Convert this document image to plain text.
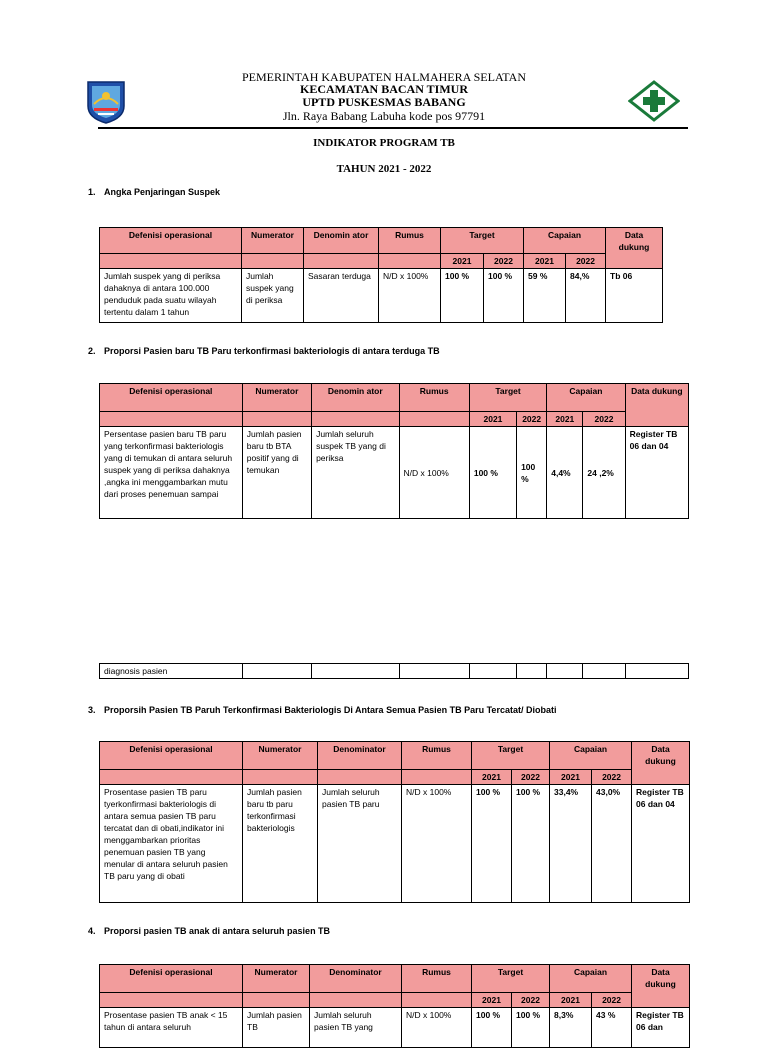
PEMERINTAH KABUPATEN HALMAHERA SELATAN
KECAMATAN BACAN TIMUR
UPTD PUSKESMAS BABANG
Jln. Raya Babang Labuha kode pos 97791
INDIKATOR PROGRAM TB
TAHUN 2021 - 2022
1. Angka Penjaringan Suspek
Defenisi operasional	Numerator	Denomin ator	Rumus	Target		Capaian		Data dukung
				2021	2022	2021	2022	
Jumlah suspek yang di periksa dahaknya di antara 100.000 penduduk pada suatu wilayah tertentu dalam 1 tahun	Jumlah suspek yang di periksa	Sasaran terduga	N/D x 100%	100 %	100 %	59 %	84,%	Tb 06
2. Proporsi Pasien baru TB Paru terkonfirmasi bakteriologis di antara terduga TB
Defenisi operasional	Numerator	Denomin ator	Rumus	Target		Capaian		Data dukung
				2021	2022	2021	2022	
Persentase pasien baru TB paru yang terkonfirmasi bakteriologis yang di temukan di antara seluruh suspek yang di periksa dahaknya ,angka ini menggambarkan mutu dari proses penemuan sampai	Jumlah pasien baru tb BTA positif yang di temukan	Jumlah seluruh suspek TB yang di periksa	N/D x 100%	100 %	100 %	4,4%	24 ,2%	Register TB 06 dan 04
diagnosis pasien								
3. Proporsih Pasien TB Paruh Terkonfirmasi Bakteriologis Di Antara Semua Pasien TB Paru Tercatat/ Diobati
Defenisi operasional	Numerator	Denominator	Rumus	Target		Capaian		Data dukung
				2021	2022	2021	2022	
Prosentase pasien TB paru tyerkonfirmasi bakteriologis di antara semua pasien TB paru tercatat dan di obati,indikator ini menggambarkan prioritas penemuan pasien TB yang menular di antara seluruh pasien TB paru yang di obati	Jumlah pasien baru tb paru terkonfirmasi bakteriologis	Jumlah seluruh pasien TB paru	N/D x 100%	100 %	100 %	33,4%	43,0%	Register TB 06 dan 04
4. Proporsi pasien TB anak di antara seluruh pasien TB
Defenisi operasional	Numerator	Denominator	Rumus	Target		Capaian		Data dukung
				2021	2022	2021	2022	
Prosentase pasien TB anak < 15 tahun di antara seluruh	Jumlah pasien TB	Jumlah seluruh pasien TB yang	N/D x 100%	100 %	100 %	8,3%	43 %	Register TB 06 dan
